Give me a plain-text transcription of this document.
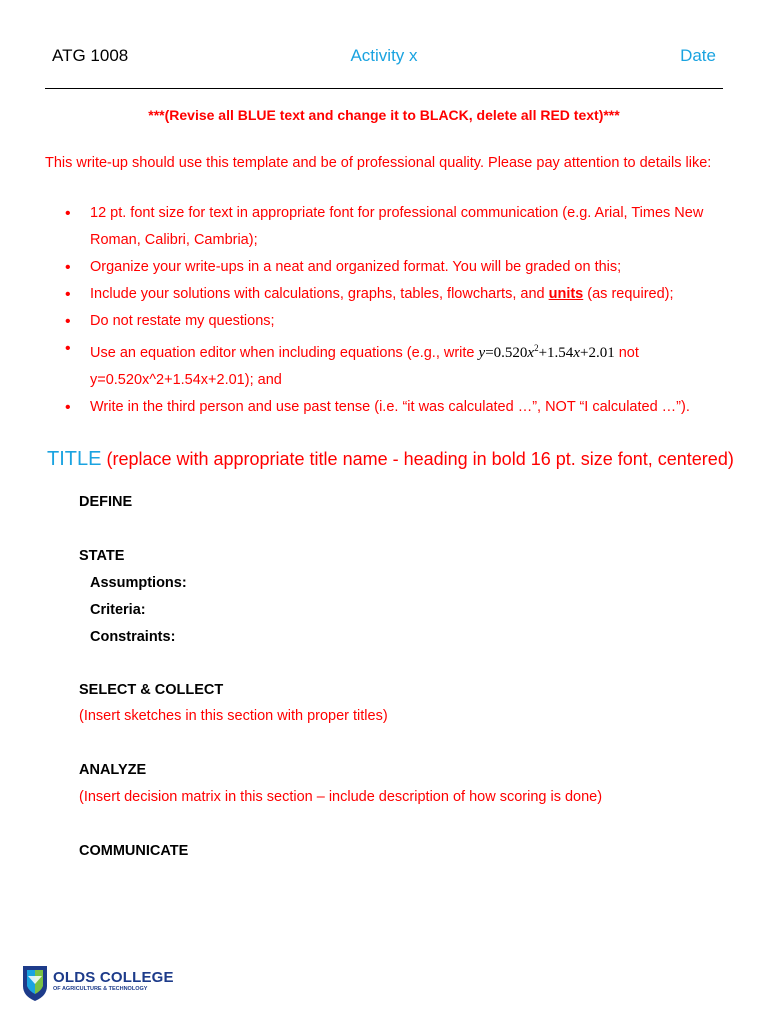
ATG 1008	Activity x	Date
***(Revise all BLUE text and change it to BLACK, delete all RED text)***
This write-up should use this template and be of professional quality. Please pay attention to details like:
• 12 pt. font size for text in appropriate font for professional communication (e.g. Arial, Times New Roman, Calibri, Cambria);
• Organize your write-ups in a neat and organized format. You will be graded on this;
• Include your solutions with calculations, graphs, tables, flowcharts, and units (as required);
• Do not restate my questions;
• Use an equation editor when including equations (e.g., write $y=0.520x^2+1.54x+2.01$ not y=0.520x^2+1.54x+2.01); and
• Write in the third person and use past tense (i.e. “it was calculated …”, NOT “I calculated …”).
TITLE (replace with appropriate title name - heading in bold 16 pt. size font, centered)
DEFINE
STATE
Assumptions:
Criteria:
Constraints:
SELECT & COLLECT
(Insert sketches in this section with proper titles)
ANALYZE
(Insert decision matrix in this section – include description of how scoring is done)
COMMUNICATE
OLDS COLLEGE
OF AGRICULTURE & TECHNOLOGY
